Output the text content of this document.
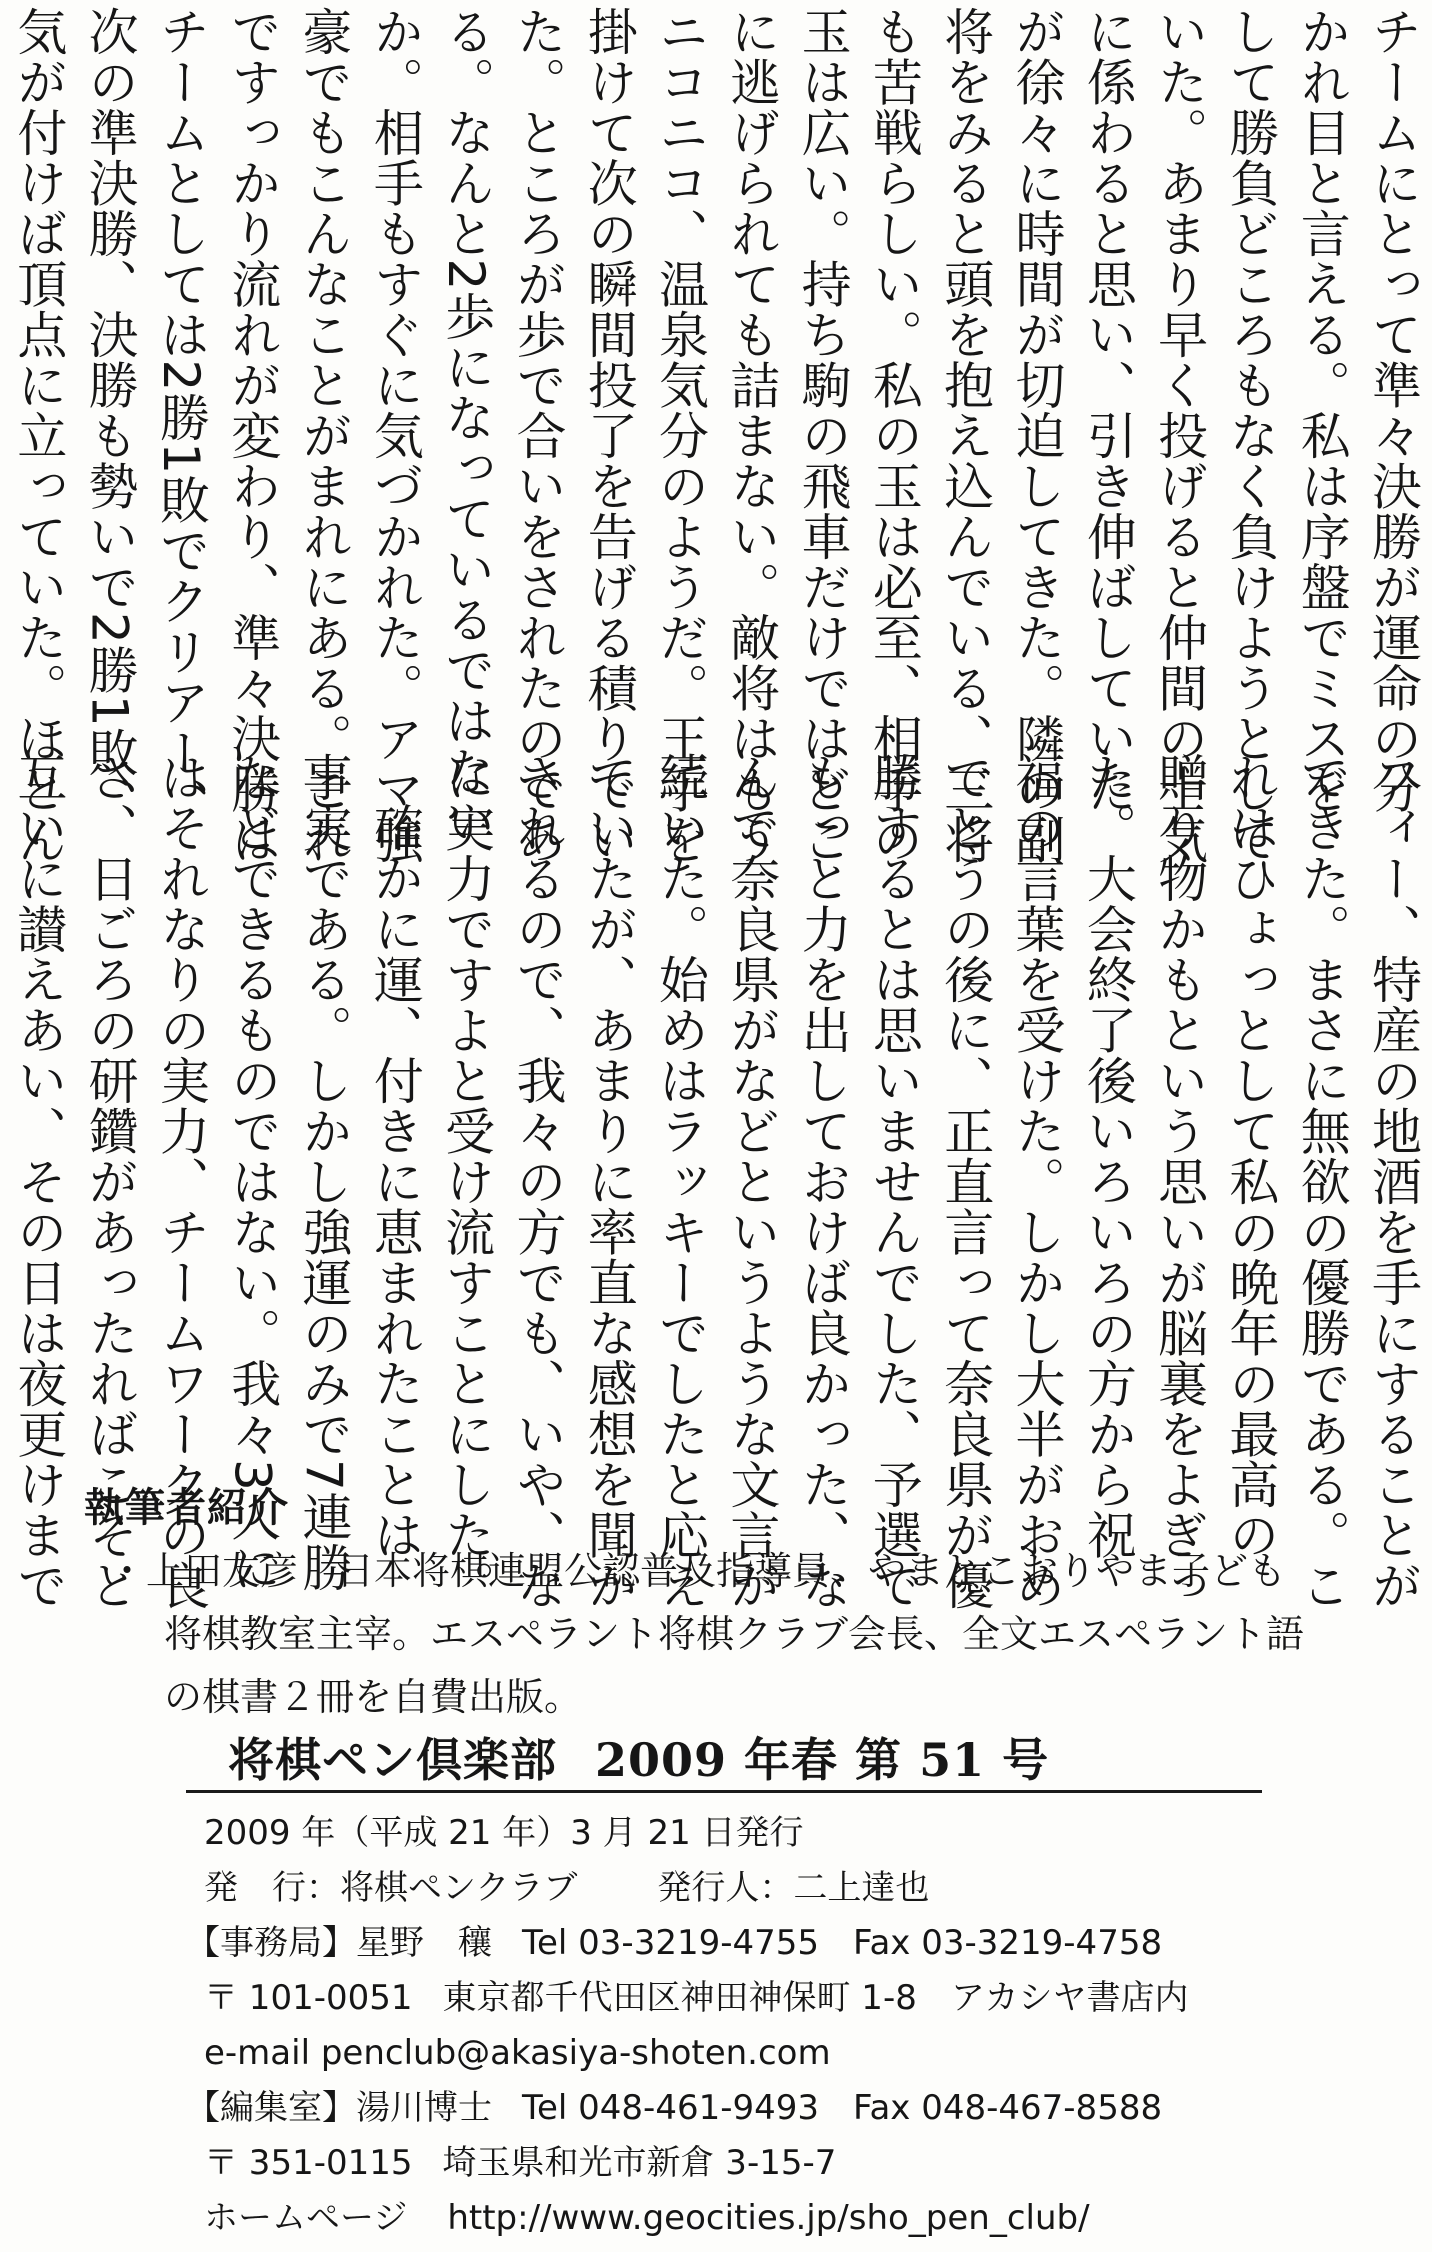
チームにとって準々決勝が運命の分
かれ目と言える。私は序盤でミスを
して勝負どころもなく負けようとして
いた。あまり早く投げると仲間の士気
に係わると思い、引き伸ばしていた
が徐々に時間が切迫してきた。隣の副
将をみると頭を抱え込んでいる、三将
も苦戦らしい。私の玉は必至、相手の
玉は広い。持ち駒の飛車だけではどこ
に逃げられても詰まない。敵将はもう
ニコニコ、温泉気分のようだ。王手を
掛けて次の瞬間投了を告げる積りでい
た。ところが歩で合いをされたのであ
る。なんと2歩になっているではない
か。相手もすぐに気づかれた。アマ強
豪でもこんなことがまれにある。これ
ですっかり流れが変わり、準々決勝は
チームとしては2勝1敗でクリアー、
次の準決勝、決勝も勢いで2勝1敗、
気が付けば頂点に立っていた。ほとん
フィー、特産の地酒を手にすることが
できた。まさに無欲の優勝である。こ
れはひょっとして私の晩年の最高の
贈り物かもという思いが脳裏をよぎっ
た。大会終了後いろいろの方から祝
福の言葉を受けた。しかし大半がおめ
でとうの後に、正直言って奈良県が優
勝するとは思いませんでした、予選で
もっと力を出しておけば良かった、な
んで奈良県がなどというような文言が
続いた。始めはラッキーでしたと応え
ていたが、あまりに率直な感想を聞か
されるので、我々の方でも、いや、な
に実力ですよと受け流すことにした。
　確かに運、付きに恵まれたことは
事実である。しかし強運のみで7連勝
などできるものではない。我々3人に
はそれなりの実力、チームワークの良
さ、日ごろの研鑽があったればこそと
互いに讃えあい、その日は夜更けまで 執筆者紹介
・上田友彦　日本将棋連盟公認普及指導員、やまとこおりやま子ども
将棋教室主宰。エスペラント将棋クラブ会長、全文エスペラント語
の棋書２冊を自費出版。
将棋ペン倶楽部 2009 年春 第 51 号
2009 年（平成 21 年）3 月 21 日発行
発　行：将棋ペンクラブ 発行人：二上達也
【事務局】星野　穰 Tel 03-3219-4755 Fax 03-3219-4758
〒 101-0051 東京都千代田区神田神保町 1-8　アカシヤ書店内
e-mail penclub@akasiya-shoten.com
【編集室】湯川博士 Tel 048-461-9493 Fax 048-467-8588
〒 351-0115 埼玉県和光市新倉 3-15-7
ホームページ http://www.geocities.jp/sho_pen_club/
